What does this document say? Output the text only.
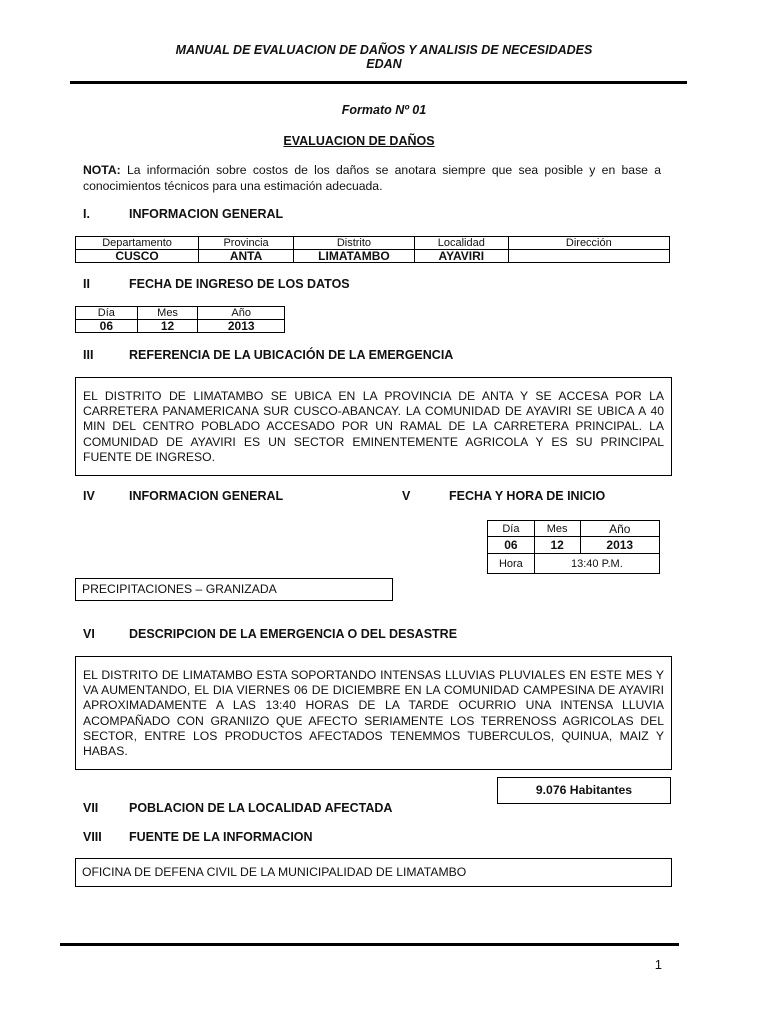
MANUAL DE EVALUACION DE DAÑOS Y ANALISIS DE NECESIDADES
EDAN
Formato Nº 01
EVALUACION DE DAÑOS
NOTA: La información sobre costos de los daños se anotara siempre que sea posible y en base a conocimientos técnicos para una estimación adecuada.
I.	INFORMACION GENERAL
Departamento	Provincia	Distrito	Localidad	Dirección
CUSCO	ANTA	LIMATAMBO	AYAVIRI	
II	FECHA DE INGRESO DE LOS DATOS
Día	Mes	Año
06	12	2013
III	REFERENCIA DE LA UBICACIÓN DE LA EMERGENCIA
EL DISTRITO DE LIMATAMBO SE UBICA EN LA PROVINCIA DE ANTA Y SE ACCESA POR LA CARRETERA PANAMERICANA SUR CUSCO-ABANCAY. LA COMUNIDAD DE AYAVIRI SE UBICA A 40 MIN DEL CENTRO POBLADO ACCESADO POR UN RAMAL DE LA CARRETERA PRINCIPAL. LA COMUNIDAD DE AYAVIRI ES UN SECTOR EMINENTEMENTE AGRICOLA Y ES SU PRINCIPAL FUENTE DE INGRESO.
IV	INFORMACION GENERAL	V	FECHA Y HORA DE INICIO
Día	Mes	Año
06	12	2013
Hora	13:40 P.M.	
PRECIPITACIONES – GRANIZADA
VI	DESCRIPCION DE LA EMERGENCIA O DEL DESASTRE
EL DISTRITO DE LIMATAMBO ESTA SOPORTANDO INTENSAS LLUVIAS PLUVIALES EN ESTE MES Y VA AUMENTANDO, EL DIA VIERNES 06 DE DICIEMBRE EN LA COMUNIDAD CAMPESINA DE AYAVIRI APROXIMADAMENTE A LAS 13:40 HORAS DE LA TARDE OCURRIO UNA INTENSA LLUVIA ACOMPAÑADO CON GRANIIZO QUE AFECTO SERIAMENTE LOS TERRENOSS AGRICOLAS DEL SECTOR, ENTRE LOS PRODUCTOS AFECTADOS TENEMMOS TUBERCULOS, QUINUA, MAIZ Y HABAS.
9.076 Habitantes
VII POBLACION DE LA LOCALIDAD AFECTADA
VIII FUENTE DE LA INFORMACION
OFICINA DE DEFENA CIVIL DE LA MUNICIPALIDAD DE LIMATAMBO
1
